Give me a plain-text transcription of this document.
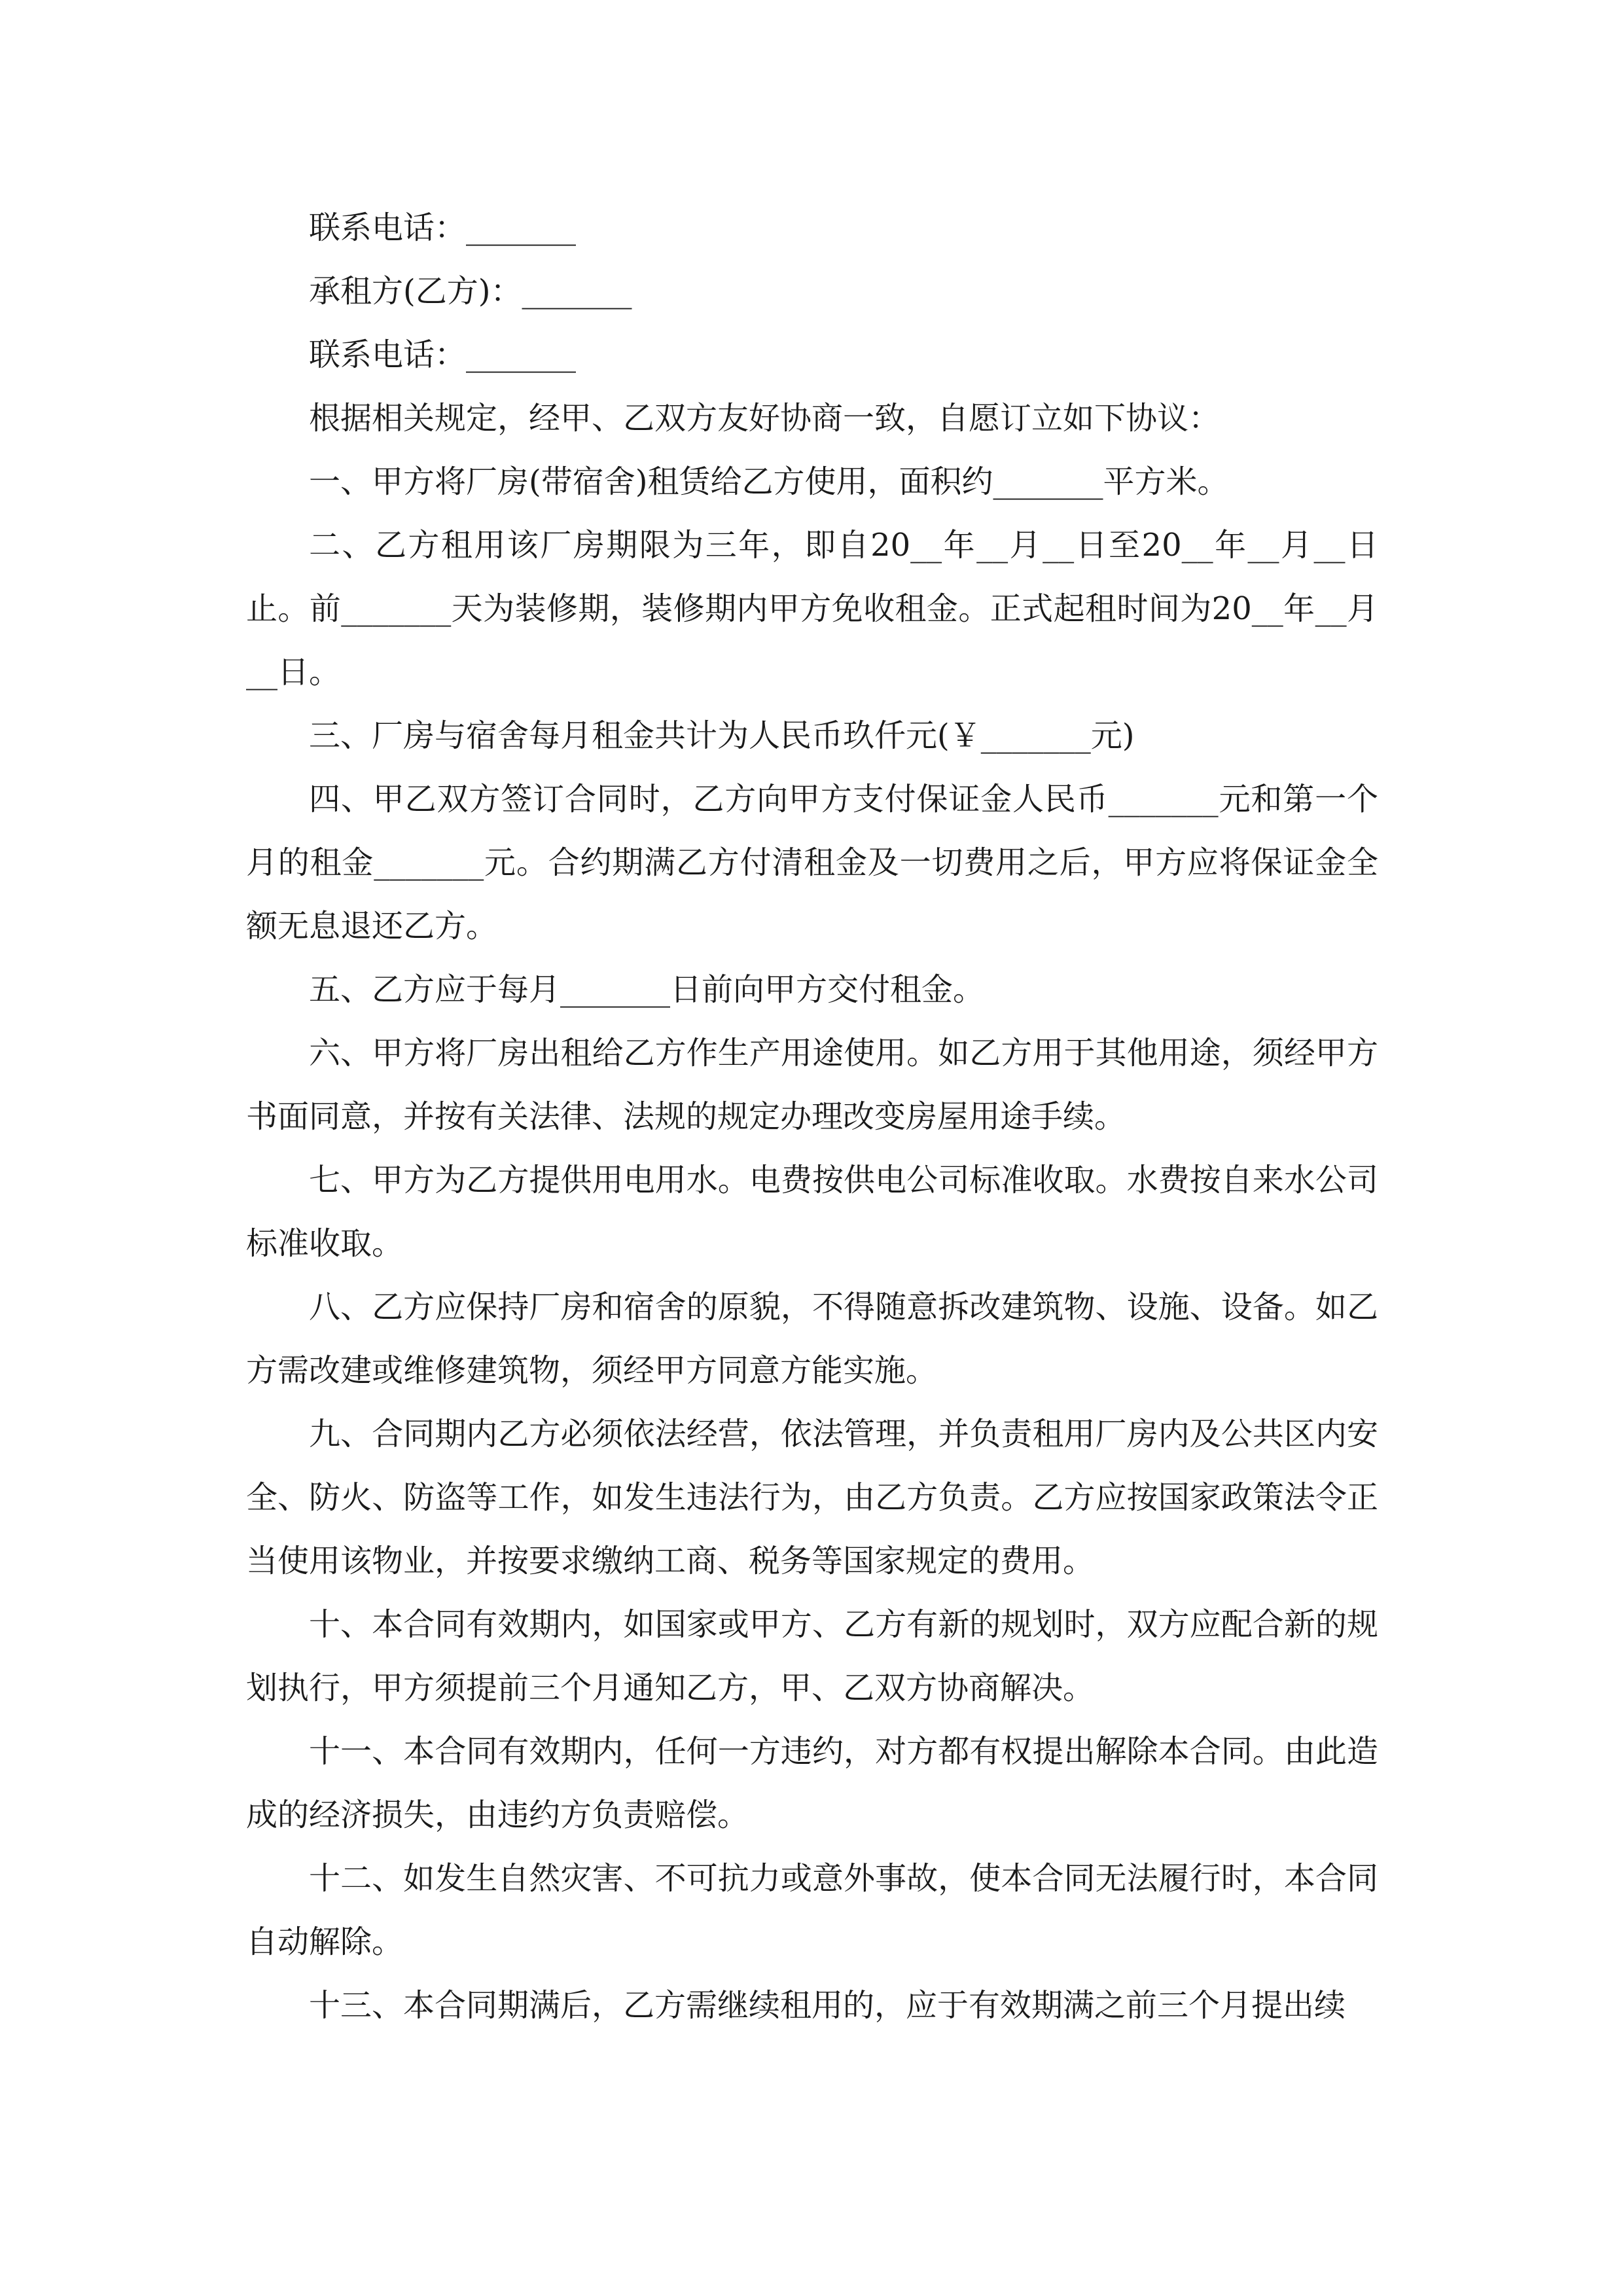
联系电话：_______

承租方(乙方)：_______

联系电话：_______

根据相关规定，经甲、乙双方友好协商一致，自愿订立如下协议：

一、甲方将厂房(带宿舍)租赁给乙方使用，面积约_______平方米。

二、乙方租用该厂房期限为三年，即自20__年__月__日至20__年__月__日止。前_______天为装修期，装修期内甲方免收租金。正式起租时间为20__年__月__日。

三、厂房与宿舍每月租金共计为人民币玖仟元(￥_______元)

四、甲乙双方签订合同时，乙方向甲方支付保证金人民币_______元和第一个月的租金_______元。合约期满乙方付清租金及一切费用之后，甲方应将保证金全额无息退还乙方。

五、乙方应于每月_______日前向甲方交付租金。

六、甲方将厂房出租给乙方作生产用途使用。如乙方用于其他用途，须经甲方书面同意，并按有关法律、法规的规定办理改变房屋用途手续。

七、甲方为乙方提供用电用水。电费按供电公司标准收取。水费按自来水公司标准收取。

八、乙方应保持厂房和宿舍的原貌，不得随意拆改建筑物、设施、设备。如乙方需改建或维修建筑物，须经甲方同意方能实施。

九、合同期内乙方必须依法经营，依法管理，并负责租用厂房内及公共区内安全、防火、防盗等工作，如发生违法行为，由乙方负责。乙方应按国家政策法令正当使用该物业，并按要求缴纳工商、税务等国家规定的费用。

十、本合同有效期内，如国家或甲方、乙方有新的规划时，双方应配合新的规划执行，甲方须提前三个月通知乙方，甲、乙双方协商解决。

十一、本合同有效期内，任何一方违约，对方都有权提出解除本合同。由此造成的经济损失，由违约方负责赔偿。

十二、如发生自然灾害、不可抗力或意外事故，使本合同无法履行时，本合同自动解除。

十三、本合同期满后，乙方需继续租用的，应于有效期满之前三个月提出续
